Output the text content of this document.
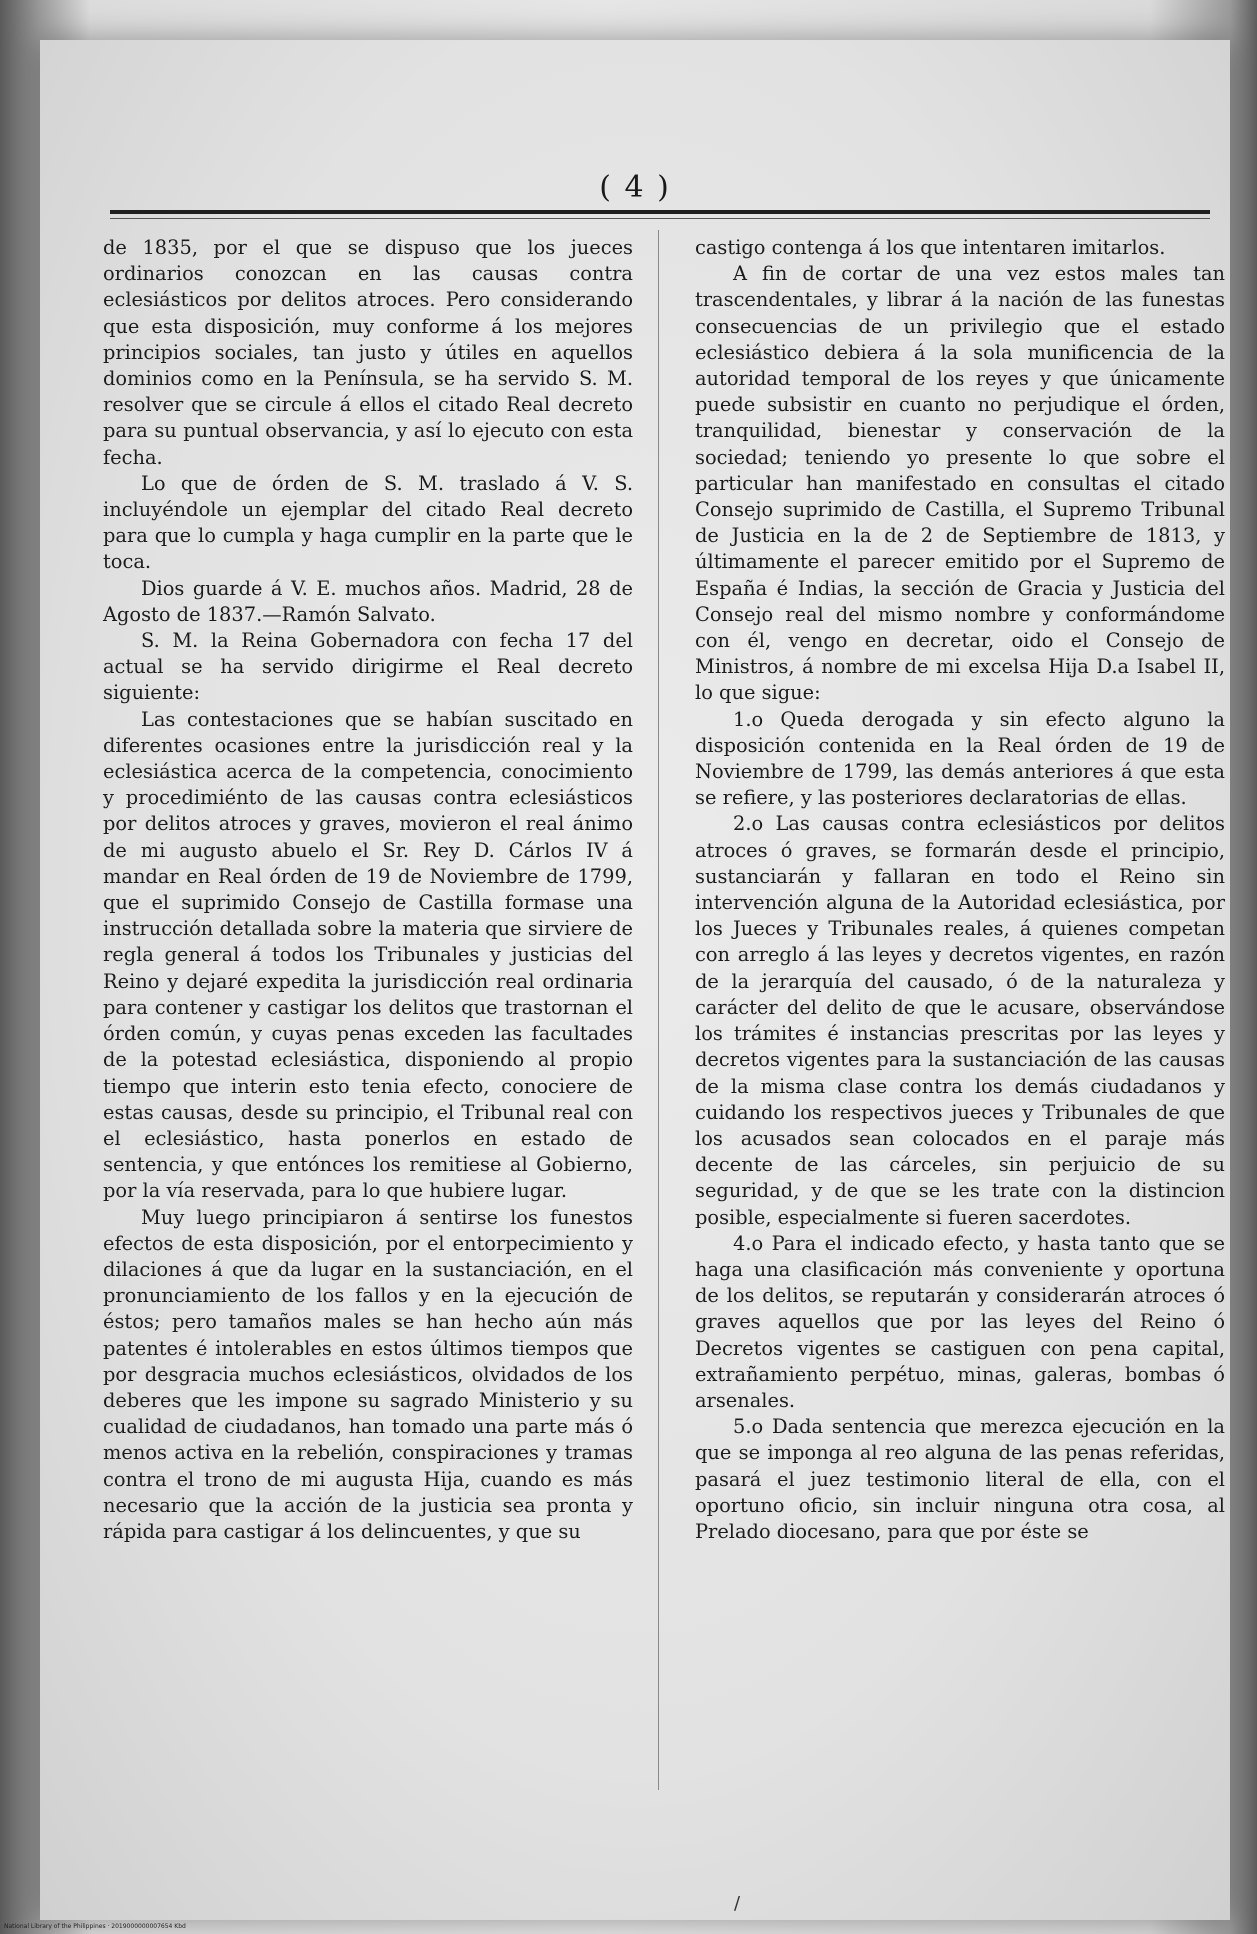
( 4 )

de 1835, por el que se dispuso que los jueces ordinarios conozcan en las causas contra eclesiásticos por delitos atroces. Pero considerando que esta disposición, muy conforme á los mejores principios sociales, tan justo y útiles en aquellos dominios como en la Península, se ha servido S. M. resolver que se circule á ellos el citado Real decreto para su puntual observancia, y así lo ejecuto con esta fecha.

Lo que de órden de S. M. traslado á V. S. incluyéndole un ejemplar del citado Real decreto para que lo cumpla y haga cumplir en la parte que le toca.

Dios guarde á V. E. muchos años. Madrid, 28 de Agosto de 1837.—Ramón Salvato.

S. M. la Reina Gobernadora con fecha 17 del actual se ha servido dirigirme el Real decreto siguiente:

Las contestaciones que se habían suscitado en diferentes ocasiones entre la jurisdicción real y la eclesiástica acerca de la competencia, conocimiento y procedimiénto de las causas contra eclesiásticos por delitos atroces y graves, movieron el real ánimo de mi augusto abuelo el Sr. Rey D. Cárlos IV á mandar en Real órden de 19 de Noviembre de 1799, que el suprimido Consejo de Castilla formase una instrucción detallada sobre la materia que sirviere de regla general á todos los Tribunales y justicias del Reino y dejaré expedita la jurisdicción real ordinaria para contener y castigar los delitos que trastornan el órden común, y cuyas penas exceden las facultades de la potestad eclesiástica, disponiendo al propio tiempo que interin esto tenia efecto, conociere de estas causas, desde su principio, el Tribunal real con el eclesiástico, hasta ponerlos en estado de sentencia, y que entónces los remitiese al Gobierno, por la vía reservada, para lo que hubiere lugar.

Muy luego principiaron á sentirse los funestos efectos de esta disposición, por el entorpecimiento y dilaciones á que da lugar en la sustanciación, en el pronunciamiento de los fallos y en la ejecución de éstos; pero tamaños males se han hecho aún más patentes é intolerables en estos últimos tiempos que por desgracia muchos eclesiásticos, olvidados de los deberes que les impone su sagrado Ministerio y su cualidad de ciudadanos, han tomado una parte más ó menos activa en la rebelión, conspiraciones y tramas contra el trono de mi augusta Hija, cuando es más necesario que la acción de la justicia sea pronta y rápida para castigar á los delincuentes, y que su

castigo contenga á los que intentaren imitarlos.

A fin de cortar de una vez estos males tan trascendentales, y librar á la nación de las funestas consecuencias de un privilegio que el estado eclesiástico debiera á la sola munificencia de la autoridad temporal de los reyes y que únicamente puede subsistir en cuanto no perjudique el órden, tranquilidad, bienestar y conservación de la sociedad; teniendo yo presente lo que sobre el particular han manifestado en consultas el citado Consejo suprimido de Castilla, el Supremo Tribunal de Justicia en la de 2 de Septiembre de 1813, y últimamente el parecer emitido por el Supremo de España é Indias, la sección de Gracia y Justicia del Consejo real del mismo nombre y conformándome con él, vengo en decretar, oido el Consejo de Ministros, á nombre de mi excelsa Hija D.a Isabel II, lo que sigue:

1.o Queda derogada y sin efecto alguno la disposición contenida en la Real órden de 19 de Noviembre de 1799, las demás anteriores á que esta se refiere, y las posteriores declaratorias de ellas.

2.o Las causas contra eclesiásticos por delitos atroces ó graves, se formarán desde el principio, sustanciarán y fallaran en todo el Reino sin intervención alguna de la Autoridad eclesiástica, por los Jueces y Tribunales reales, á quienes competan con arreglo á las leyes y decretos vigentes, en razón de la jerarquía del causado, ó de la naturaleza y carácter del delito de que le acusare, observándose los trámites é instancias prescritas por las leyes y decretos vigentes para la sustanciación de las causas de la misma clase contra los demás ciudadanos y cuidando los respectivos jueces y Tribunales de que los acusados sean colocados en el paraje más decente de las cárceles, sin perjuicio de su seguridad, y de que se les trate con la distincion posible, especialmente si fueren sacerdotes.

4.o Para el indicado efecto, y hasta tanto que se haga una clasificación más conveniente y oportuna de los delitos, se reputarán y considerarán atroces ó graves aquellos que por las leyes del Reino ó Decretos vigentes se castiguen con pena capital, extrañamiento perpétuo, minas, galeras, bombas ó arsenales.

5.o Dada sentencia que merezca ejecución en la que se imponga al reo alguna de las penas referidas, pasará el juez testimonio literal de ella, con el oportuno oficio, sin incluir ninguna otra cosa, al Prelado diocesano, para que por éste se

/
National Library of the Philippines · 2019000000007654 Kbd
